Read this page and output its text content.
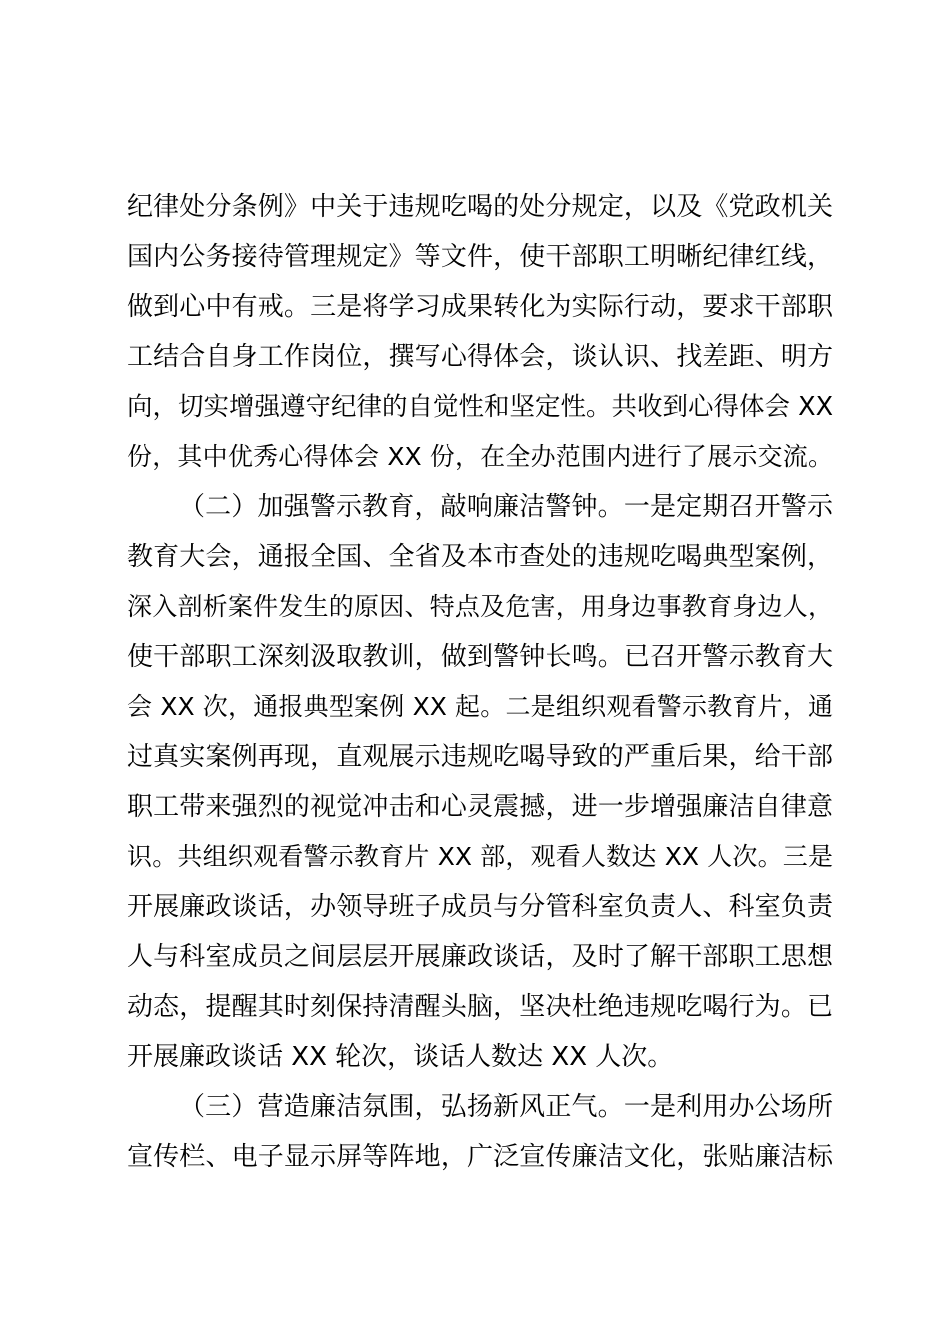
纪律处分条例》中关于违规吃喝的处分规定，以及《党政机关
国内公务接待管理规定》等文件，使干部职工明晰纪律红线，
做到心中有戒。三是将学习成果转化为实际行动，要求干部职
工结合自身工作岗位，撰写心得体会，谈认识、找差距、明方
向，切实增强遵守纪律的自觉性和坚定性。共收到心得体会 XX
份，其中优秀心得体会 XX 份，在全办范围内进行了展示交流。
（二）加强警示教育，敲响廉洁警钟。一是定期召开警示
教育大会，通报全国、全省及本市查处的违规吃喝典型案例，
深入剖析案件发生的原因、特点及危害，用身边事教育身边人，
使干部职工深刻汲取教训，做到警钟长鸣。已召开警示教育大
会 XX 次，通报典型案例 XX 起。二是组织观看警示教育片，通
过真实案例再现，直观展示违规吃喝导致的严重后果，给干部
职工带来强烈的视觉冲击和心灵震撼，进一步增强廉洁自律意
识。共组织观看警示教育片 XX 部，观看人数达 XX 人次。三是
开展廉政谈话，办领导班子成员与分管科室负责人、科室负责
人与科室成员之间层层开展廉政谈话，及时了解干部职工思想
动态，提醒其时刻保持清醒头脑，坚决杜绝违规吃喝行为。已
开展廉政谈话 XX 轮次，谈话人数达 XX 人次。
（三）营造廉洁氛围，弘扬新风正气。一是利用办公场所
宣传栏、电子显示屏等阵地，广泛宣传廉洁文化，张贴廉洁标
